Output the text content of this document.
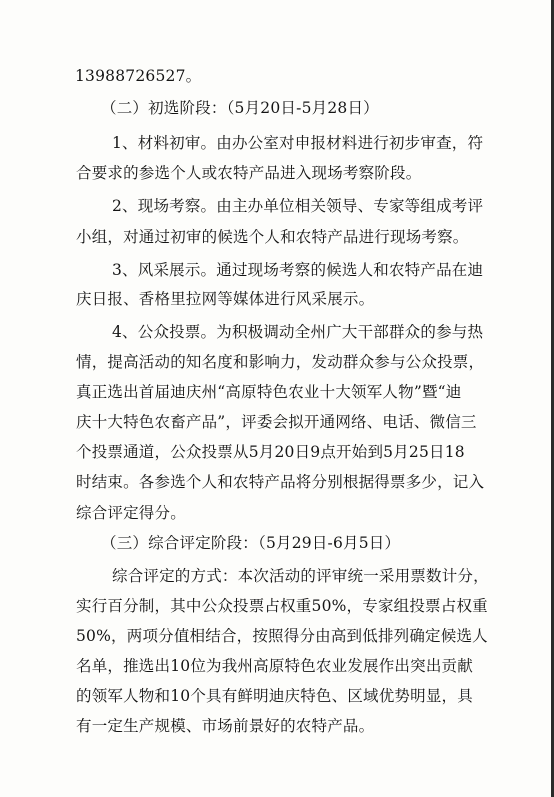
13988726527。
（二）初选阶段：（5月20日-5月28日）
1、材料初审。由办公室对申报材料进行初步审查，符
合要求的参选个人或农特产品进入现场考察阶段。
2、现场考察。由主办单位相关领导、专家等组成考评
小组，对通过初审的候选个人和农特产品进行现场考察。
3、风采展示。通过现场考察的候选人和农特产品在迪
庆日报、香格里拉网等媒体进行风采展示。
4、公众投票。为积极调动全州广大干部群众的参与热
情，提高活动的知名度和影响力，发动群众参与公众投票，
真正选出首届迪庆州“高原特色农业十大领军人物”暨“迪
庆十大特色农畜产品”，评委会拟开通网络、电话、微信三
个投票通道，公众投票从5月20日9点开始到5月25日18
时结束。各参选个人和农特产品将分别根据得票多少，记入
综合评定得分。
（三）综合评定阶段：（5月29日-6月5日）
综合评定的方式：本次活动的评审统一采用票数计分，
实行百分制，其中公众投票占权重50%，专家组投票占权重
50%，两项分值相结合，按照得分由高到低排列确定候选人
名单，推选出10位为我州高原特色农业发展作出突出贡献
的领军人物和10个具有鲜明迪庆特色、区域优势明显，具
有一定生产规模、市场前景好的农特产品。
